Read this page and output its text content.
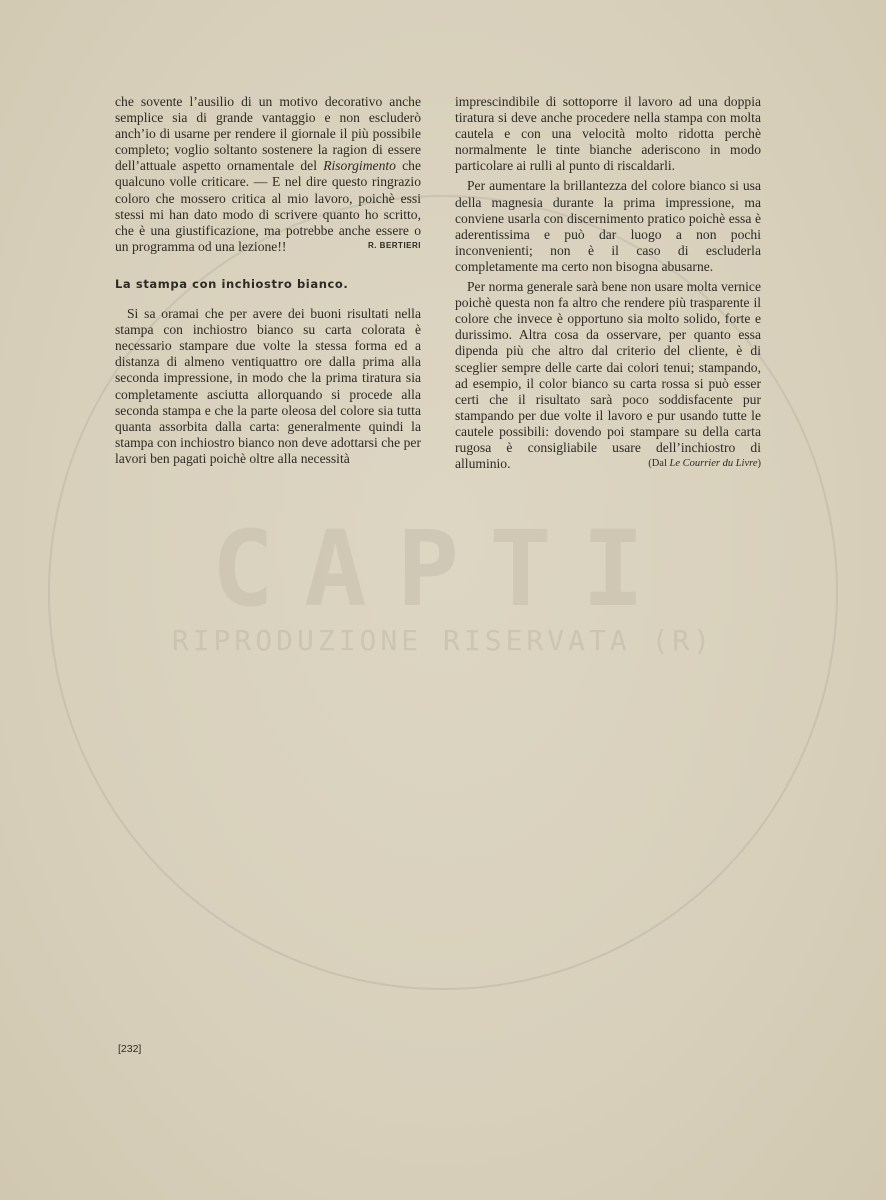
CAPTI
RIPRODUZIONE RISERVATA (R)

che sovente l’ausilio di un motivo decorativo anche semplice sia di grande vantaggio e non escluderò anch’io di usarne per rendere il giornale il più possibile completo; voglio soltanto sostenere la ragion di essere dell’attuale aspetto ornamentale del Risorgimento che qualcuno volle criticare. — E nel dire questo ringrazio coloro che mossero critica al mio lavoro, poichè essi stessi mi han dato modo di scrivere quanto ho scritto, che è una giustificazione, ma potrebbe anche essere o un programma od una lezione!!	R. BERTIERI

La stampa con inchiostro bianco.

Si sa oramai che per avere dei buoni risultati nella stampa con inchiostro bianco su carta colorata è necessario stampare due volte la stessa forma ed a distanza di almeno ventiquattro ore dalla prima alla seconda impressione, in modo che la prima tiratura sia completamente asciutta allorquando si procede alla seconda stampa e che la parte oleosa del colore sia tutta quanta assorbita dalla carta: generalmente quindi la stampa con inchiostro bianco non deve adottarsi che per lavori ben pagati poichè oltre alla necessità

imprescindibile di sottoporre il lavoro ad una doppia tiratura si deve anche procedere nella stampa con molta cautela e con una velocità molto ridotta perchè normalmente le tinte bianche aderiscono in modo particolare ai rulli al punto di riscaldarli.

Per aumentare la brillantezza del colore bianco si usa della magnesia durante la prima impressione, ma conviene usarla con discernimento pratico poichè essa è aderentissima e può dar luogo a non pochi inconvenienti; non è il caso di escluderla completamente ma certo non bisogna abusarne.

Per norma generale sarà bene non usare molta vernice poichè questa non fa altro che rendere più trasparente il colore che invece è opportuno sia molto solido, forte e durissimo. Altra cosa da osservare, per quanto essa dipenda più che altro dal criterio del cliente, è di sceglier sempre delle carte dai colori tenui; stampando, ad esempio, il color bianco su carta rossa si può esser certi che il risultato sarà poco soddisfacente pur stampando per due volte il lavoro e pur usando tutte le cautele possibili: dovendo poi stampare su della carta rugosa è consigliabile usare dell’inchiostro di alluminio.	(Dal Le Courrier du Livre)

[232]
